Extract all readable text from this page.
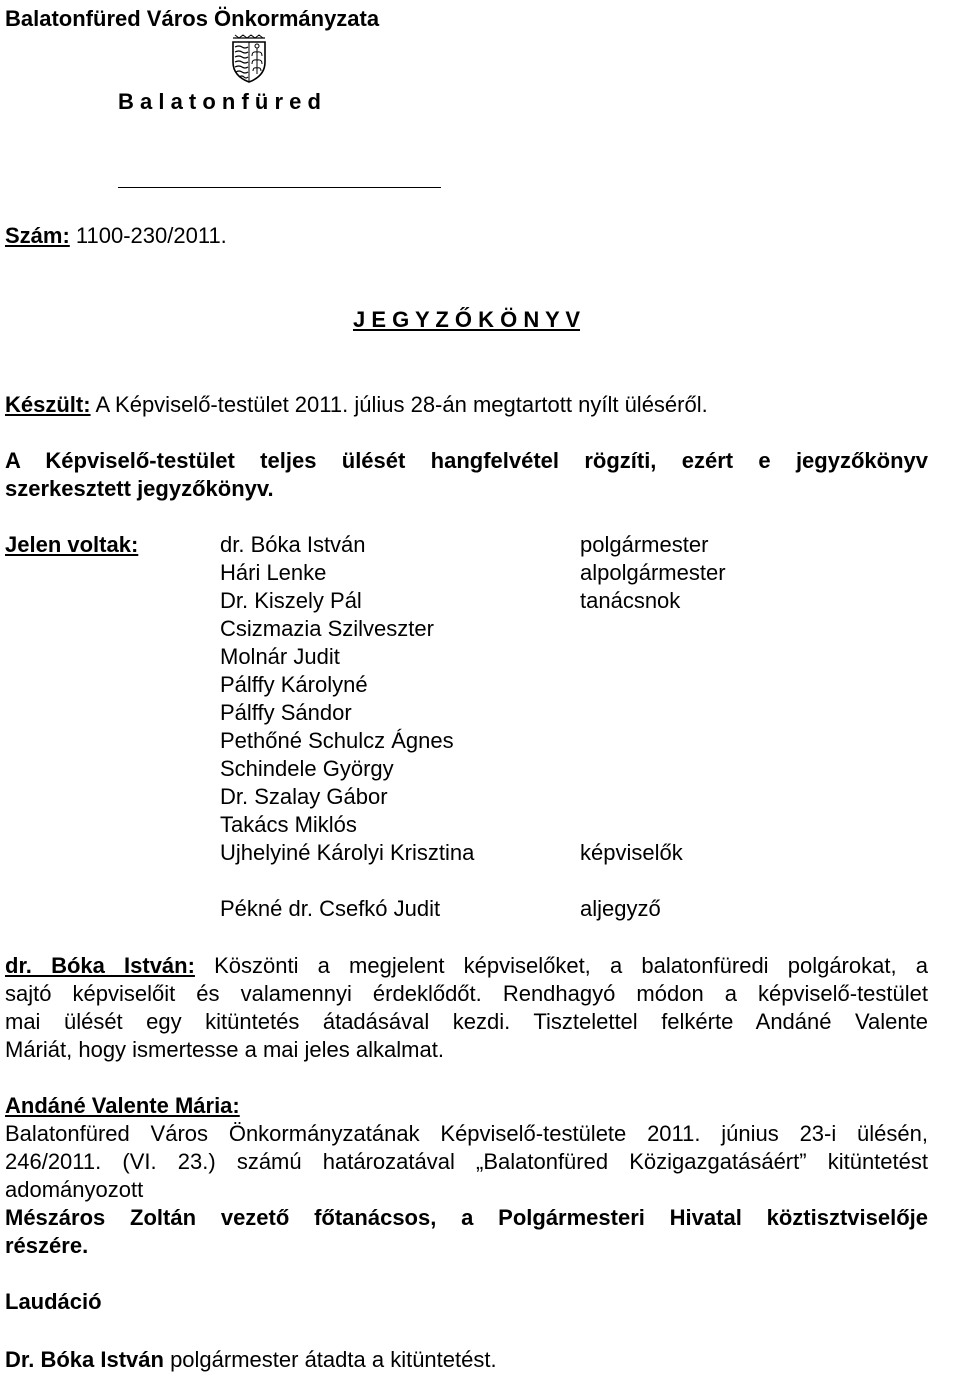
Balatonfüred Város Önkormányzata
B a l a t o n f ü r e d
Szám: 1100-230/2011.
J E G Y Z Ő K Ö N Y V
Készült: A Képviselő-testület 2011. július 28-án megtartott nyílt üléséről.
A Képviselő-testület teljes ülését hangfelvétel rögzíti, ezért e jegyzőkönyv
szerkesztett jegyzőkönyv.
Jelen voltak:	dr. Bóka István
Hári Lenke
Dr. Kiszely Pál
Csizmazia Szilveszter
Molnár Judit
Pálffy Károlyné
Pálffy Sándor
Pethőné Schulcz Ágnes
Schindele György
Dr. Szalay Gábor
Takács Miklós
Ujhelyiné Károlyi Krisztina
Pékné dr. Csefkó Judit
polgármester
alpolgármester
tanácsnok
képviselők
aljegyző
dr. Bóka István: Köszönti a megjelent képviselőket, a balatonfüredi polgárokat, a
sajtó képviselőit és valamennyi érdeklődőt. Rendhagyó módon a képviselő-testület
mai ülését egy kitüntetés átadásával kezdi. Tisztelettel felkérte Andáné Valente
Máriát, hogy ismertesse a mai jeles alkalmat.
Andáné Valente Mária:
Balatonfüred Város Önkormányzatának Képviselő-testülete 2011. június 23-i ülésén,
246/2011. (VI. 23.) számú határozatával „Balatonfüred Közigazgatásáért” kitüntetést
adományozott
Mészáros Zoltán vezető főtanácsos, a Polgármesteri Hivatal köztisztviselője
részére.
Laudáció
Dr. Bóka István polgármester átadta a kitüntetést.
